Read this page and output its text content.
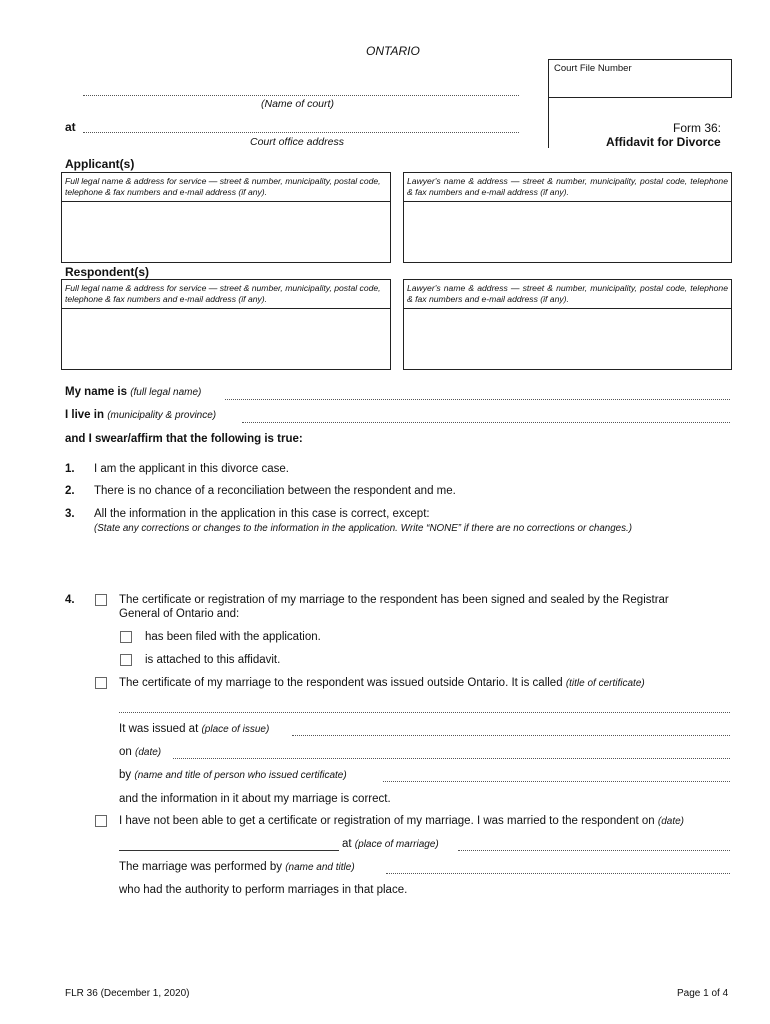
ONTARIO
Court File Number
(Name of court)
at
Court office address
Form 36:
Affidavit for Divorce
Applicant(s)
Full legal name & address for service — street & number, municipality, postal code, telephone & fax numbers and e-mail address (if any).
Lawyer's name & address — street & number, municipality, postal code, telephone & fax numbers and e-mail address (if any).
Respondent(s)
Full legal name & address for service — street & number, municipality, postal code, telephone & fax numbers and e-mail address (if any).
Lawyer's name & address — street & number, municipality, postal code, telephone & fax numbers and e-mail address (if any).
My name is (full legal name)
I live in (municipality & province)
and I swear/affirm that the following is true:
1. I am the applicant in this divorce case.
2. There is no chance of a reconciliation between the respondent and me.
3. All the information in the application in this case is correct, except:
(State any corrections or changes to the information in the application. Write “NONE” if there are no corrections or changes.)
4.	The certificate or registration of my marriage to the respondent has been signed and sealed by the Registrar
General of Ontario and:
has been filed with the application.
is attached to this affidavit.
The certificate of my marriage to the respondent was issued outside Ontario. It is called (title of certificate)
It was issued at (place of issue)
on (date)
by (name and title of person who issued certificate)
and the information in it about my marriage is correct.
I have not been able to get a certificate or registration of my marriage. I was married to the respondent on (date)
at (place of marriage)
The marriage was performed by (name and title)
who had the authority to perform marriages in that place.
FLR 36 (December 1, 2020)	Page 1 of 4
